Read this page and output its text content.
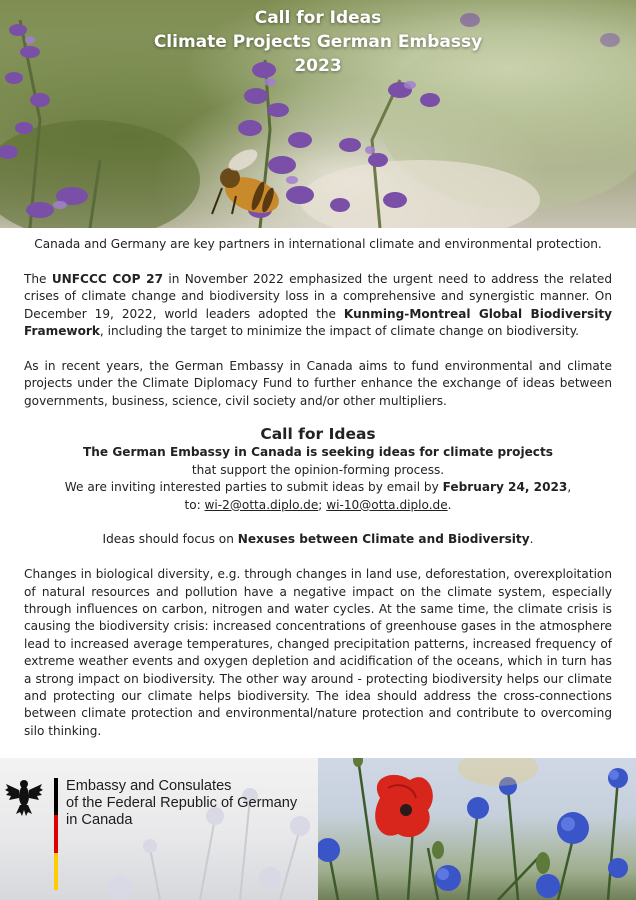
Call for Ideas
Climate Projects German Embassy
2023

Canada and Germany are key partners in international climate and environmental protection.

The UNFCCC COP 27 in November 2022 emphasized the urgent need to address the related crises of climate change and biodiversity loss in a comprehensive and synergistic manner. On December 19, 2022, world leaders adopted the Kunming-Montreal Global Biodiversity Framework, including the target to minimize the impact of climate change on biodiversity.

As in recent years, the German Embassy in Canada aims to fund environmental and climate projects under the Climate Diplomacy Fund to further enhance the exchange of ideas between governments, business, science, civil society and/or other multipliers.

Call for Ideas
The German Embassy in Canada is seeking ideas for climate projects
that support the opinion-forming process.
We are inviting interested parties to submit ideas by email by February 24, 2023,
to: wi-2@otta.diplo.de; wi-10@otta.diplo.de.

Ideas should focus on Nexuses between Climate and Biodiversity.

Changes in biological diversity, e.g. through changes in land use, deforestation, overexploitation of natural resources and pollution have a negative impact on the climate system, especially through influences on carbon, nitrogen and water cycles. At the same time, the climate crisis is causing the biodiversity crisis: increased concentrations of greenhouse gases in the atmosphere lead to increased average temperatures, changed precipitation patterns, increased frequency of extreme weather events and oxygen depletion and acidification of the oceans, which in turn has a strong impact on biodiversity. The other way around - protecting biodiversity helps our climate and protecting our climate helps biodiversity. The idea should address the cross-connections between climate protection and environmental/nature protection and contribute to overcoming silo thinking.

Embassy and Consulates
of the Federal Republic of Germany
in Canada
